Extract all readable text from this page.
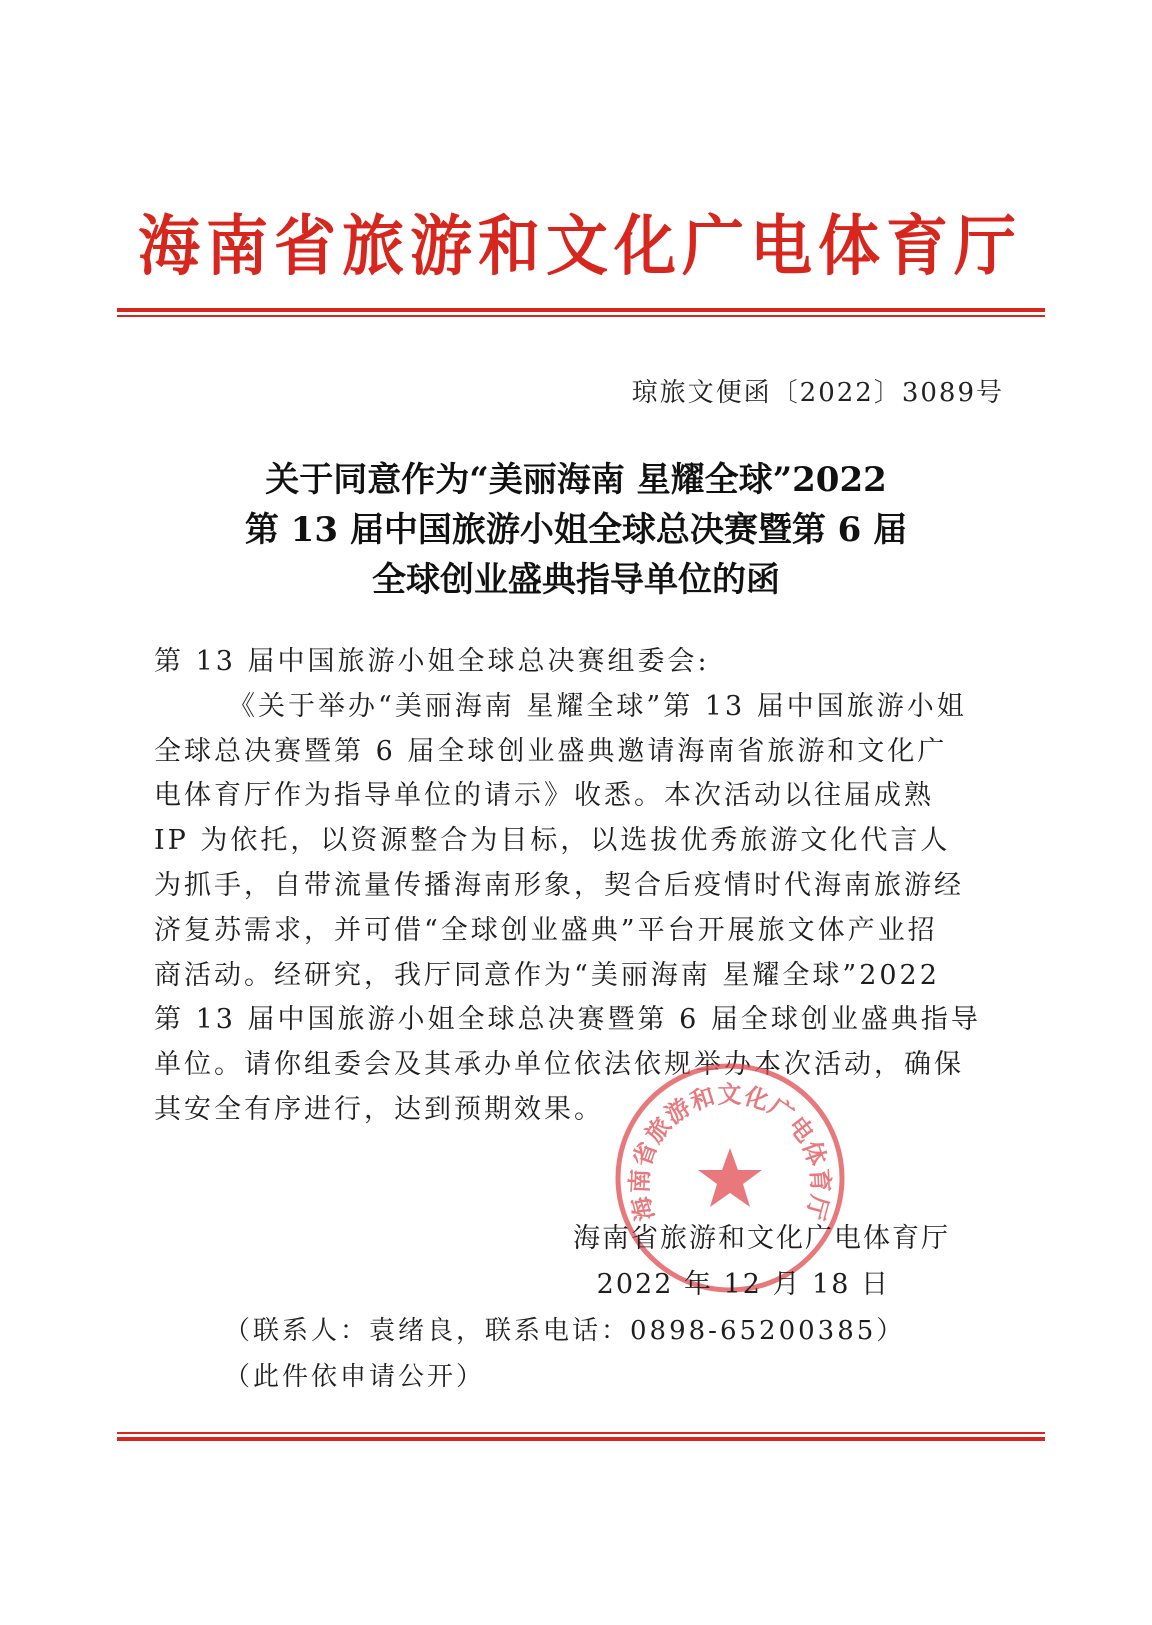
海南省旅游和文化广电体育厅
琼旅文便函〔2022〕3089号
关于同意作为“美丽海南 星耀全球”2022
第 13 届中国旅游小姐全球总决赛暨第 6 届
全球创业盛典指导单位的函
第 13 届中国旅游小姐全球总决赛组委会:
《关于举办“美丽海南 星耀全球”第 13 届中国旅游小姐
全球总决赛暨第 6 届全球创业盛典邀请海南省旅游和文化广
电体育厅作为指导单位的请示》收悉。本次活动以往届成熟
IP 为依托，以资源整合为目标，以选拔优秀旅游文化代言人
为抓手，自带流量传播海南形象，契合后疫情时代海南旅游经
济复苏需求，并可借“全球创业盛典”平台开展旅文体产业招
商活动。经研究，我厅同意作为“美丽海南 星耀全球”2022
第 13 届中国旅游小姐全球总决赛暨第 6 届全球创业盛典指导
单位。请你组委会及其承办单位依法依规举办本次活动，确保
其安全有序进行，达到预期效果。
海南省旅游和文化广电体育厅
海南省旅游和文化广电体育厅
2022 年 12 月 18 日
（联系人：袁绪良，联系电话：0898-65200385）
（此件依申请公开）
